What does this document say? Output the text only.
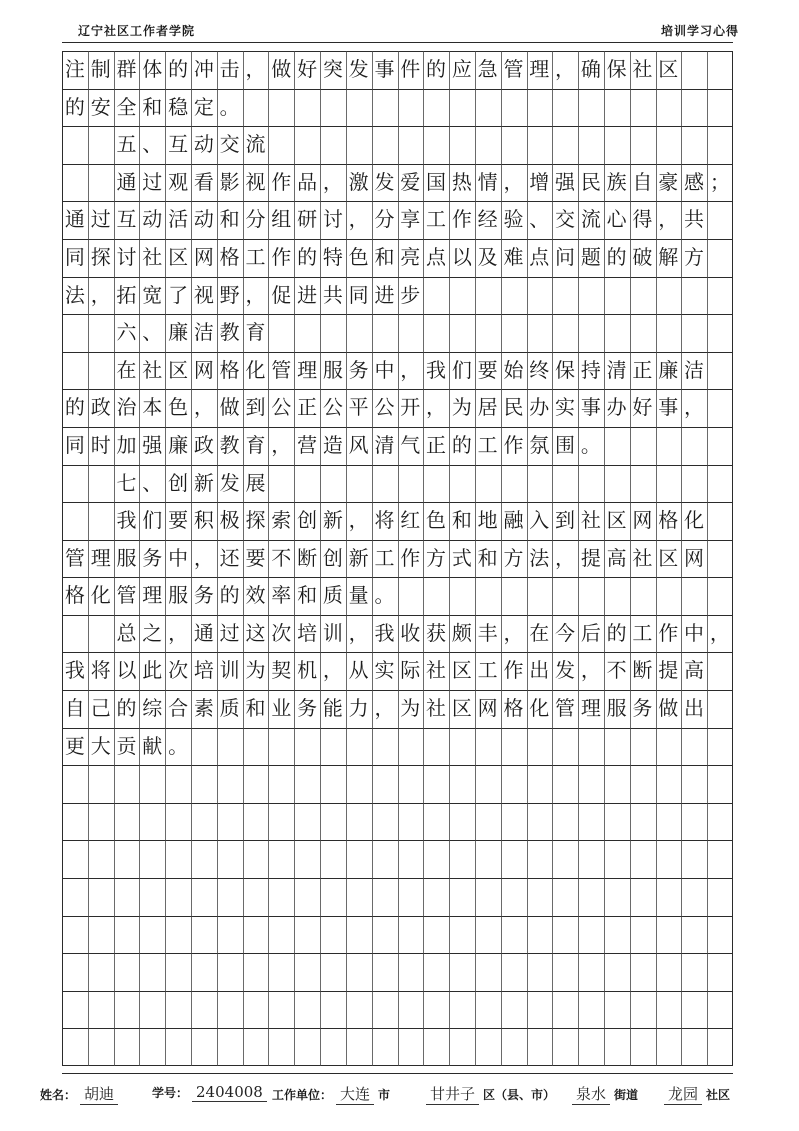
辽宁社区工作者学院	培训学习心得
注 制 群 体 的 冲 击 ， 做 好 突 发 事 件 的 应 急 管 理 ， 确 保 社 区
的 安 全 和 稳 定 。
五 、 互 动 交 流
通 过 观 看 影 视 作 品 ， 激 发 爱 国 热 情 ， 增 强 民 族 自 豪 感 ；
通 过 互 动 活 动 和 分 组 研 讨 ， 分 享 工 作 经 验 、 交 流 心 得 ， 共
同 探 讨 社 区 网 格 工 作 的 特 色 和 亮 点 以 及 难 点 问 题 的 破 解 方
法 ， 拓 宽 了 视 野 ， 促 进 共 同 进 步
六 、 廉 洁 教 育
在 社 区 网 格 化 管 理 服 务 中 ， 我 们 要 始 终 保 持 清 正 廉 洁
的 政 治 本 色 ， 做 到 公 正 公 平 公 开 ， 为 居 民 办 实 事 办 好 事 ，
同 时 加 强 廉 政 教 育 ， 营 造 风 清 气 正 的 工 作 氛 围 。
七 、 创 新 发 展
我 们 要 积 极 探 索 创 新 ， 将 红 色 和 地 融 入 到 社 区 网 格 化
管 理 服 务 中 ， 还 要 不 断 创 新 工 作 方 式 和 方 法 ， 提 高 社 区 网
格 化 管 理 服 务 的 效 率 和 质 量 。
总 之 ， 通 过 这 次 培 训 ， 我 收 获 颇 丰 ， 在 今 后 的 工 作 中 ，
我 将 以 此 次 培 训 为 契 机 ， 从 实 际 社 区 工 作 出 发 ， 不 断 提 高
自 己 的 综 合 素 质 和 业 务 能 力 ， 为 社 区 网 格 化 管 理 服 务 做 出
更 大 贡 献 。
姓名： 胡迪	学号： 2404008 工作单位： 大连 市	甘井子 区（县、市）	泉水 街道	龙园 社区
